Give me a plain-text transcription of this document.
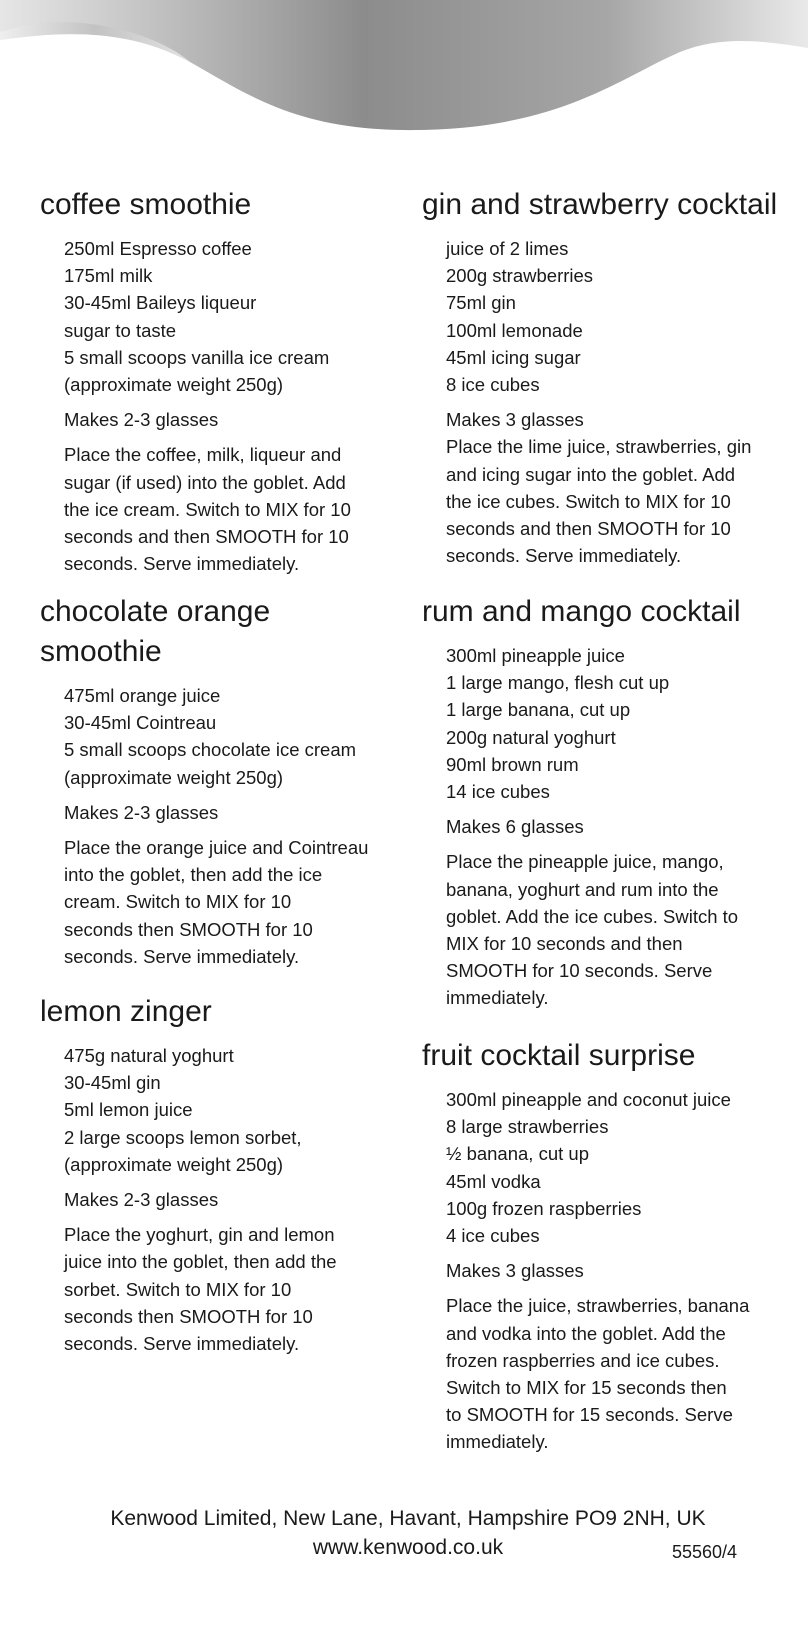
coffee smoothie
250ml Espresso coffee
175ml milk
30-45ml Baileys liqueur
sugar to taste
5 small scoops vanilla ice cream
(approximate weight 250g)
Makes 2-3 glasses
Place the coffee, milk, liqueur and
sugar (if used) into the goblet. Add
the ice cream. Switch to MIX for 10
seconds and then SMOOTH for 10
seconds. Serve immediately.
chocolate orange
smoothie
475ml orange juice
30-45ml Cointreau
5 small scoops chocolate ice cream
(approximate weight 250g)
Makes 2-3 glasses
Place the orange juice and Cointreau
into the goblet, then add the ice
cream. Switch to MIX for 10
seconds then SMOOTH for 10
seconds. Serve immediately.
lemon zinger
475g natural yoghurt
30-45ml gin
5ml lemon juice
2 large scoops lemon sorbet,
(approximate weight 250g)
Makes 2-3 glasses
Place the yoghurt, gin and lemon
juice into the goblet, then add the
sorbet. Switch to MIX for 10
seconds then SMOOTH for 10
seconds. Serve immediately.
gin and strawberry cocktail
juice of 2 limes
200g strawberries
75ml gin
100ml lemonade
45ml icing sugar
8 ice cubes
Makes 3 glasses
Place the lime juice, strawberries, gin
and icing sugar into the goblet. Add
the ice cubes. Switch to MIX for 10
seconds and then SMOOTH for 10
seconds. Serve immediately.
rum and mango cocktail
300ml pineapple juice
1 large mango, flesh cut up
1 large banana, cut up
200g natural yoghurt
90ml brown rum
14 ice cubes
Makes 6 glasses
Place the pineapple juice, mango,
banana, yoghurt and rum into the
goblet. Add the ice cubes. Switch to
MIX for 10 seconds and then
SMOOTH for 10 seconds. Serve
immediately.
fruit cocktail surprise
300ml pineapple and coconut juice
8 large strawberries
½ banana, cut up
45ml vodka
100g frozen raspberries
4 ice cubes
Makes 3 glasses
Place the juice, strawberries, banana
and vodka into the goblet. Add the
frozen raspberries and ice cubes.
Switch to MIX for 15 seconds then
to SMOOTH for 15 seconds. Serve
immediately.
Kenwood Limited, New Lane, Havant, Hampshire PO9 2NH, UK
www.kenwood.co.uk	55560/4
